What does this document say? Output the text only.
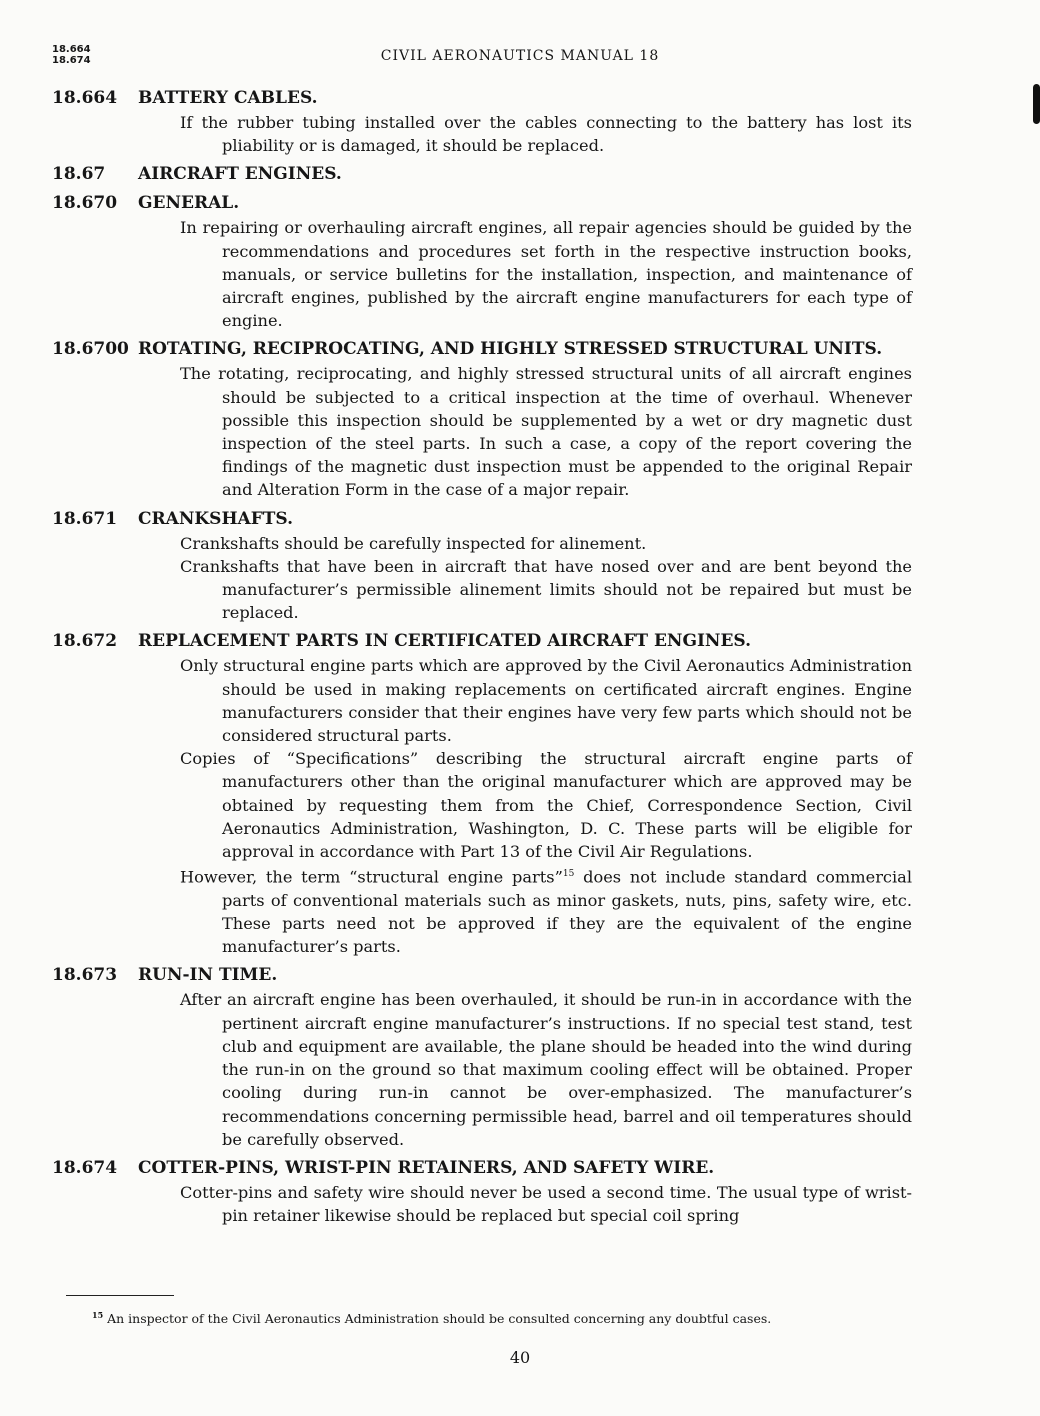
18.664
18.674	CIVIL AERONAUTICS MANUAL 18
18.664	BATTERY CABLES.

If the rubber tubing installed over the cables connecting to the battery has lost its pliability or is damaged, it should be replaced.

18.67	AIRCRAFT ENGINES.
18.670	GENERAL.

In repairing or overhauling aircraft engines, all repair agencies should be guided by the recommendations and procedures set forth in the respective instruction books, manuals, or service bulletins for the installation, inspection, and maintenance of aircraft engines, published by the aircraft engine manufacturers for each type of engine.

18.6700 ROTATING, RECIPROCATING, AND HIGHLY STRESSED STRUCTURAL UNITS.

The rotating, reciprocating, and highly stressed structural units of all aircraft engines should be subjected to a critical inspection at the time of overhaul. Whenever possible this inspection should be supplemented by a wet or dry magnetic dust inspection of the steel parts. In such a case, a copy of the report covering the findings of the magnetic dust inspection must be appended to the original Repair and Alteration Form in the case of a major repair.

18.671	CRANKSHAFTS.

Crankshafts should be carefully inspected for alinement.

Crankshafts that have been in aircraft that have nosed over and are bent beyond the manufacturer’s permissible alinement limits should not be repaired but must be replaced.

18.672	REPLACEMENT PARTS IN CERTIFICATED AIRCRAFT ENGINES.

Only structural engine parts which are approved by the Civil Aeronautics Administration should be used in making replacements on certificated aircraft engines. Engine manufacturers consider that their engines have very few parts which should not be considered structural parts.

Copies of “Specifications” describing the structural aircraft engine parts of manufacturers other than the original manufacturer which are approved may be obtained by requesting them from the Chief, Correspondence Section, Civil Aeronautics Administration, Washington, D. C. These parts will be eligible for approval in accordance with Part 13 of the Civil Air Regulations.

However, the term “structural engine parts”$^{15}$ does not include standard commercial parts of conventional materials such as minor gaskets, nuts, pins, safety wire, etc. These parts need not be approved if they are the equivalent of the engine manufacturer’s parts.

18.673	RUN-IN TIME.

After an aircraft engine has been overhauled, it should be run-in in accordance with the pertinent aircraft engine manufacturer’s instructions. If no special test stand, test club and equipment are available, the plane should be headed into the wind during the run-in on the ground so that maximum cooling effect will be obtained. Proper cooling during run-in cannot be over-emphasized. The manufacturer’s recommendations concerning permissible head, barrel and oil temperatures should be carefully observed.

18.674	COTTER-PINS, WRIST-PIN RETAINERS, AND SAFETY WIRE.

Cotter-pins and safety wire should never be used a second time. The usual type of wrist-pin retainer likewise should be replaced but special coil spring

$^{15}$ An inspector of the Civil Aeronautics Administration should be consulted concerning any doubtful cases.
40
